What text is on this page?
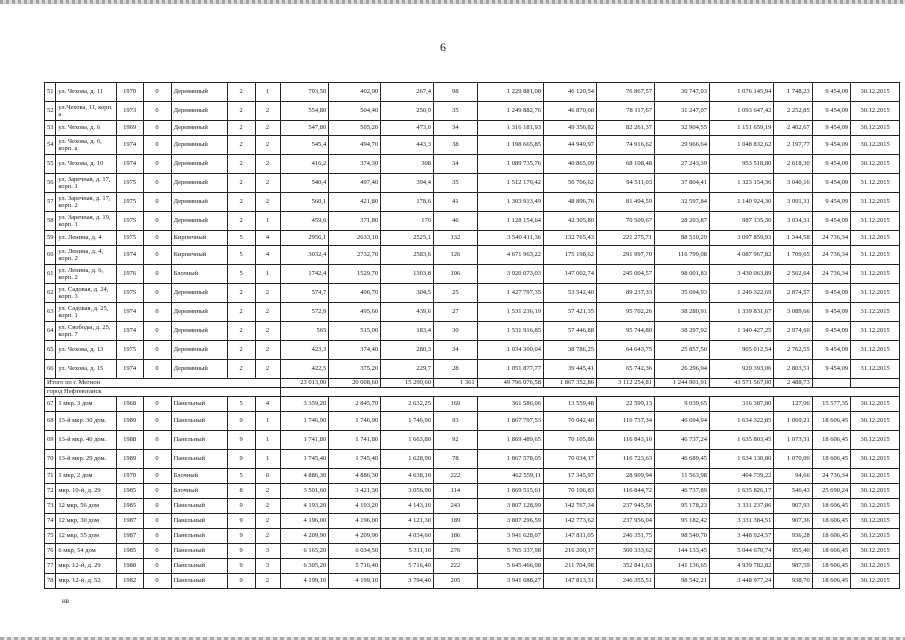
6
51	ул. Чехова, д. 11	1970	0	Деревянный	2	1	703,50	402,90	267,4	98	1 229 881,08	46 120,54	76 867,57	30 747,03	1 076 145,94	1 748,23	9 454,09	30.12.2015
52	ул.Чехова, 11, корп. а	1973	0	Деревянный	2	2	554,80	504,40	250,9	35	1 249 882,76	46 870,60	78 117,67	31 247,07	1 093 647,42	2 252,85	9 454,09	30.12.2015
53	ул. Чехова, д. 6	1969	0	Деревянный	2	2	547,80	505,20	473,0	34	1 316 181,93	49 356,82	82 261,37	32 904,55	1 151 659,19	2 402,67	9 454,09	30.12.2015
54	ул. Чехова, д. 6, корп. а	1974	0	Деревянный	2	2	545,4	494,70	443,3	38	1 198 665,85	44 949,97	74 916,62	29 966,64	1 048 832,62	2 197,77	9 454,09	30.12.2015
55	ул. Чехова, д. 10	1974	0	Деревянный	2	2	416,2	374,30	308	34	1 089 735,76	40 865,09	68 108,48	27 243,39	953 518,80	2 618,30	9 454,09	30.12.2015
56	ул. Заречная, д. 17, корп. 1	1975	0	Деревянный	2	2	540,4	497,40	394,4	35	1 512 176,42	56 706,62	94 511,03	37 804,41	1 323 154,36	3 040,16	9 454,09	31.12.2015
57	ул. Заречная, д. 17, корп. 2	1975	0	Деревянный	2	2	560,1	421,80	178,6	41	1 303 913,49	48 896,76	81 494,59	32 597,84	1 140 924,30	3 091,31	9 454,09	31.12.2015
58	ул. Заречная, д. 19, корп. 1	1975	0	Деревянный	2	1	459,6	371,80	176	46	1 128 154,64	42 305,80	70 509,67	28 203,87	987 135,30	3 034,31	9 454,09	31.12.2015
59	ул. Ленина, д. 4	1975	0	Кирпичный	5	4	2956,1	2633,10	2525,1	132	3 540 411,36	132 765,43	221 275,71	88 510,29	3 097 859,93	1 344,58	24 736,34	31.12.2015
60	ул. Ленина, д. 4, корп. 2	1974	0	Кирпичный	5	4	3032,4	2732,70	2583,6	126	4 671 963,22	175 198,62	291 997,70	116 799,08	4 087 967,82	1 709,65	24 736,34	31.12.2015
61	ул. Ленина, д. 6, корп. 2	1976	0	Блочный	5	1	1742,4	1529,70	1303,8	106	3 920 073,03	147 002,74	245 004,57	98 001,83	3 430 063,89	2 562,64	24 736,34	31.12.2015
62	ул. Садовая, д. 24, корп. 3	1975	0	Деревянный	2	2	574,7	496,70	304,5	25	1 427 797,35	53 542,40	89 237,33	35 694,93	1 249 322,69	2 874,57	9 454,09	31.12.2015
63	ул. Садовая, д. 25, корп. 1	1974	0	Деревянный	2	2	572,9	495,60	439,6	27	1 531 236,19	57 421,35	95 702,26	38 280,91	1 339 831,67	3 089,66	9 454,09	31.12.2015
64	ул. Свободы, д. 25, корп. 7	1974	0	Деревянный	2	2	565	515,00	183,4	30	1 531 916,85	57 446,88	95 744,80	38 297,92	1 340 427,25	2 974,60	9 454,09	31.12.2015
65	ул. Чехова, д. 13	1975	0	Деревянный	2	2	423,3	374,40	280,3	34	1 034 300,04	38 786,25	64 643,75	25 857,50	905 012,54	2 762,55	9 454,09	31.12.2015
66	ул. Чехова, д. 15	1974	0	Деревянный	2	2	422,5	375,20	229,7	28	1 051 877,77	39 445,41	65 742,36	26 296,94	920 393,06	2 803,51	9 454,09	31.12.2015
Итого по г. Мегион							23 013,00	20 008,60	15 290,60	1 361	49 796 076,58	1 867 352,86	3 112 254,81	1 244 901,91	43 571 567,00	2 488,73		
город Нефтеюганск																		
67	1 мкр. 3 дом	1968	0	Панельный	5	4	3 359,20	2 845,70	2 632,25	169	361 586,06	13 559,48	22 599,13	9 039,65	316 387,80	127,06	15 577,35	30.12.2015
68	13-й мкр. 30 дом.	1989	0	Панельный	9	1	1 746,90	1 746,90	1 746,90	93	1 867 797,53	70 042,40	116 737,34	46 694,94	1 634 322,85	1 069,21	18 606,45	30.12.2015
69	13-й мкр. 40 дом.	1988	0	Панельный	9	1	1 741,80	1 741,80	1 663,80	92	1 869 489,65	70 105,86	116 843,10	46 737,24	1 635 803,45	1 073,31	18 606,45	30.12.2015
70	13-й мкр. 29 дом.	1989	0	Панельный	9	1	1 745,40	1 745,40	1 628,90	78	1 867 578,05	70 034,17	116 723,63	46 689,45	1 634 130,80	1 070,00	18 606,45	30.12.2015
71	1 мкр, 2 дом	1970	0	Блочный	5	6	4 886,30	4 886,30	4 638,10	222	462 559,11	17 345,97	28 909,94	11 563,98	404 739,22	94,66	24 736,34	30.12.2015
72	мкр. 10-й, д. 29	1985	0	Блочный	8	2	3 501,60	3 421,30	3 056,90	114	1 869 515,61	70 106,83	116 844,72	46 737,89	1 635 826,17	546,43	25 690,24	30.12.2015
73	12 мкр, 56 дом	1985	0	Панельный	9	2	4 193,20	4 193,20	4 143,10	243	3 807 128,99	142 767,34	237 945,56	95 178,23	3 331 237,86	907,93	18 606,45	30.12.2015
74	12 мкр, 30 дом	1987	0	Панельный	9	2	4 196,00	4 196,00	4 121,30	189	3 807 296,59	142 773,62	237 956,04	95 182,42	3 331 384,51	907,36	18 606,45	30.12.2015
75	12 мкр, 55 дом	1987	0	Панельный	9	2	4 209,90	4 209,90	4 034,60	186	3 941 628,07	147 811,05	246 351,75	98 540,70	3 448 924,57	936,28	18 606,45	30.12.2015
76	6 мкр, 54 дом	1985	0	Панельный	9	3	6 165,20	6 034,50	5 311,10	276	5 765 337,98	216 200,17	360 333,62	144 133,45	5 044 670,74	955,40	18 606,45	30.12.2015
77	мкр. 12-й, д. 29	1988	0	Панельный	9	3	6 305,20	5 716,40	5 716,40	222	5 645 466,08	211 704,98	352 841,63	141 136,65	4 939 782,82	987,59	18 606,45	30.12.2015
78	мкр. 12-й, д. 52	1982	0	Панельный	9	2	4 199,10	4 199,10	3 794,40	205	3 941 688,27	147 813,31	246 355,51	98 542,21	3 448 977,24	938,70	18 606,45	30.12.2015
нв
